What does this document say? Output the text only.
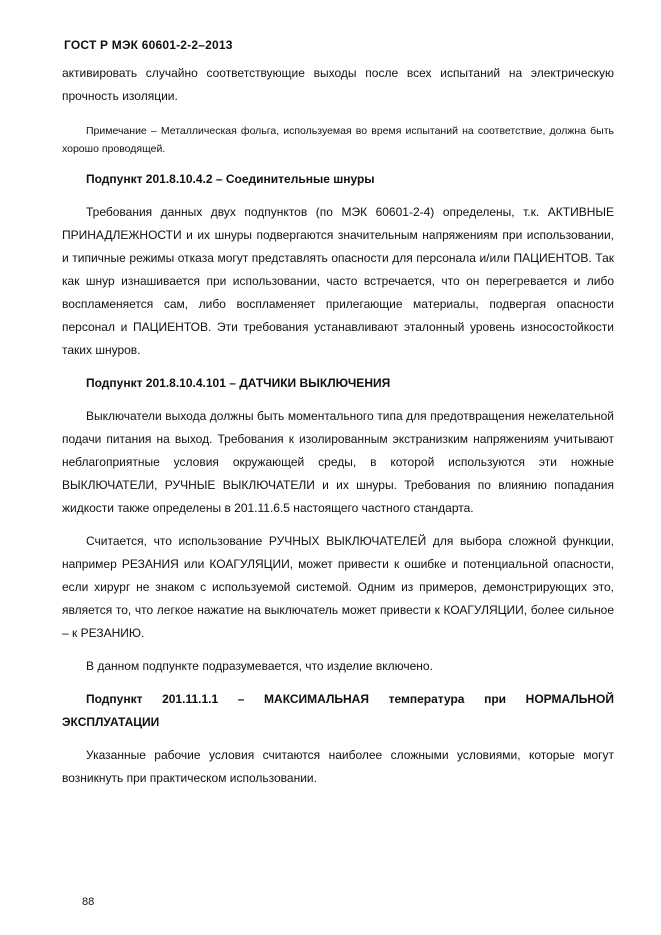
ГОСТ Р МЭК 60601-2-2–2013

активировать случайно соответствующие выходы после всех испытаний на электрическую прочность изоляции.

Примечание – Металлическая фольга, используемая во время испытаний на соответствие, должна быть хорошо проводящей.

Подпункт 201.8.10.4.2 – Соединительные шнуры

Требования данных двух подпунктов (по МЭК 60601-2-4) определены, т.к. АКТИВНЫЕ ПРИНАДЛЕЖНОСТИ и их шнуры подвергаются значительным напряжениям при использовании, и типичные режимы отказа могут представлять опасности для персонала и/или ПАЦИЕНТОВ. Так как шнур изнашивается при использовании, часто встречается, что он перегревается и либо воспламеняется сам, либо воспламеняет прилегающие материалы, подвергая опасности персонал и ПАЦИЕНТОВ. Эти требования устанавливают эталонный уровень износостойкости таких шнуров.

Подпункт 201.8.10.4.101 – ДАТЧИКИ ВЫКЛЮЧЕНИЯ

Выключатели выхода должны быть моментального типа для предотвращения нежелательной подачи питания на выход. Требования к изолированным экстранизким напряжениям учитывают неблагоприятные условия окружающей среды, в которой используются эти ножные ВЫКЛЮЧАТЕЛИ, РУЧНЫЕ ВЫКЛЮЧАТЕЛИ и их шнуры. Требования по влиянию попадания жидкости также определены в 201.11.6.5 настоящего частного стандарта.

Считается, что использование РУЧНЫХ ВЫКЛЮЧАТЕЛЕЙ для выбора сложной функции, например РЕЗАНИЯ или КОАГУЛЯЦИИ, может привести к ошибке и потенциальной опасности, если хирург не знаком с используемой системой. Одним из примеров, демонстрирующих это, является то, что легкое нажатие на выключатель может привести к КОАГУЛЯЦИИ, более сильное – к РЕЗАНИЮ.

В данном подпункте подразумевается, что изделие включено.

Подпункт 201.11.1.1 – МАКСИМАЛЬНАЯ температура при НОРМАЛЬНОЙ ЭКСПЛУАТАЦИИ

Указанные рабочие условия считаются наиболее сложными условиями, которые могут возникнуть при практическом использовании.

88
